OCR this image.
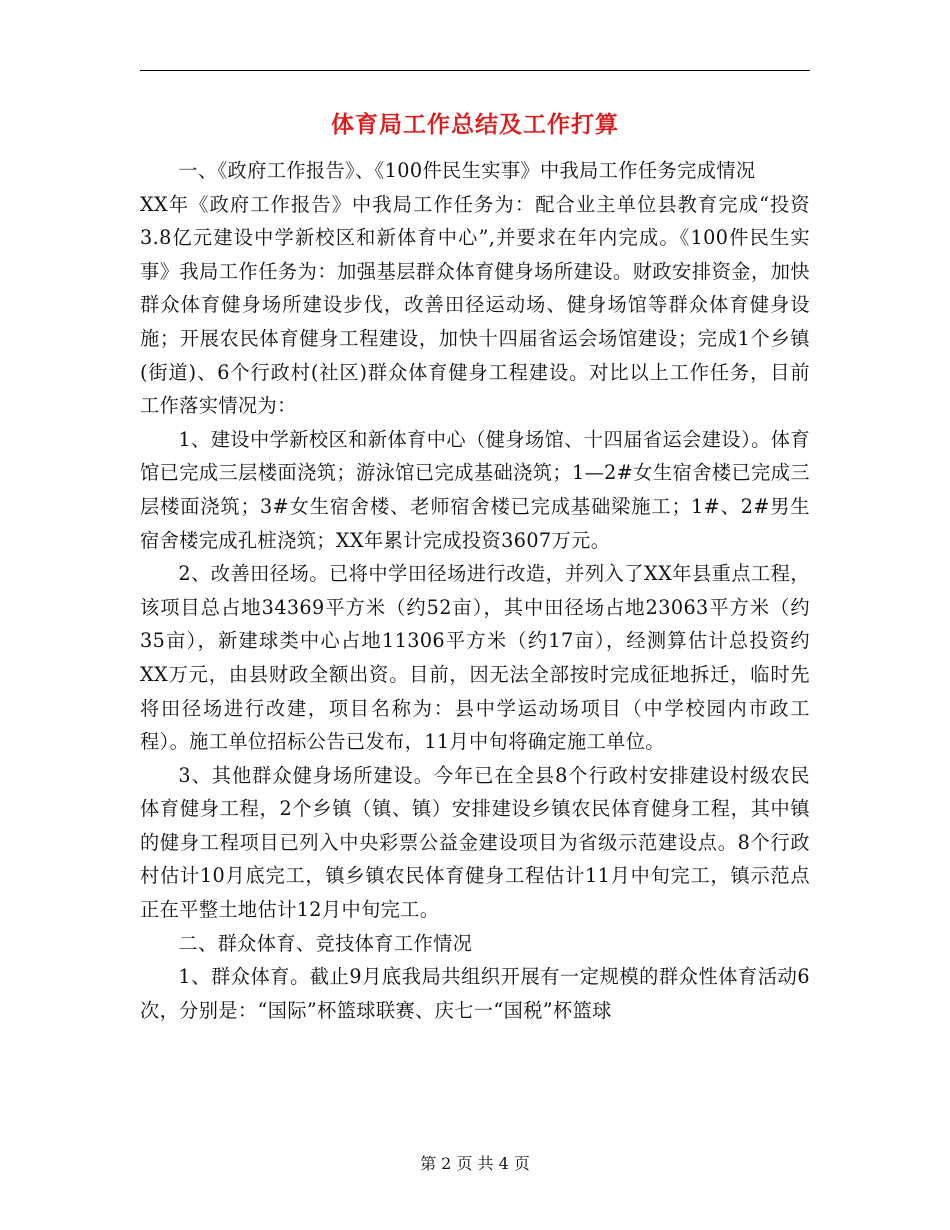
体育局工作总结及工作打算

一、《政府工作报告》、《100件民生实事》中我局工作任务完成情况

XX年《政府工作报告》中我局工作任务为：配合业主单位县教育完成“投资3.8亿元建设中学新校区和新体育中心”,并要求在年内完成。《100件民生实事》我局工作任务为：加强基层群众体育健身场所建设。财政安排资金，加快群众体育健身场所建设步伐，改善田径运动场、健身场馆等群众体育健身设施；开展农民体育健身工程建设，加快十四届省运会场馆建设；完成1个乡镇(街道)、6个行政村(社区)群众体育健身工程建设。对比以上工作任务，目前工作落实情况为：

1、建设中学新校区和新体育中心（健身场馆、十四届省运会建设）。体育馆已完成三层楼面浇筑；游泳馆已完成基础浇筑；1—2#女生宿舍楼已完成三层楼面浇筑；3#女生宿舍楼、老师宿舍楼已完成基础梁施工；1#、2#男生宿舍楼完成孔桩浇筑；XX年累计完成投资3607万元。

2、改善田径场。已将中学田径场进行改造，并列入了XX年县重点工程，该项目总占地34369平方米（约52亩），其中田径场占地23063平方米（约35亩），新建球类中心占地11306平方米（约17亩），经测算估计总投资约XX万元，由县财政全额出资。目前，因无法全部按时完成征地拆迁，临时先将田径场进行改建，项目名称为：县中学运动场项目（中学校园内市政工程）。施工单位招标公告已发布，11月中旬将确定施工单位。

3、其他群众健身场所建设。今年已在全县8个行政村安排建设村级农民体育健身工程，2个乡镇（镇、镇）安排建设乡镇农民体育健身工程，其中镇的健身工程项目已列入中央彩票公益金建设项目为省级示范建设点。8个行政村估计10月底完工，镇乡镇农民体育健身工程估计11月中旬完工，镇示范点正在平整土地估计12月中旬完工。

二、群众体育、竞技体育工作情况

1、群众体育。截止9月底我局共组织开展有一定规模的群众性体育活动6次，分别是：“国际”杯篮球联赛、庆七一“国税”杯篮球

第 2 页 共 4 页
